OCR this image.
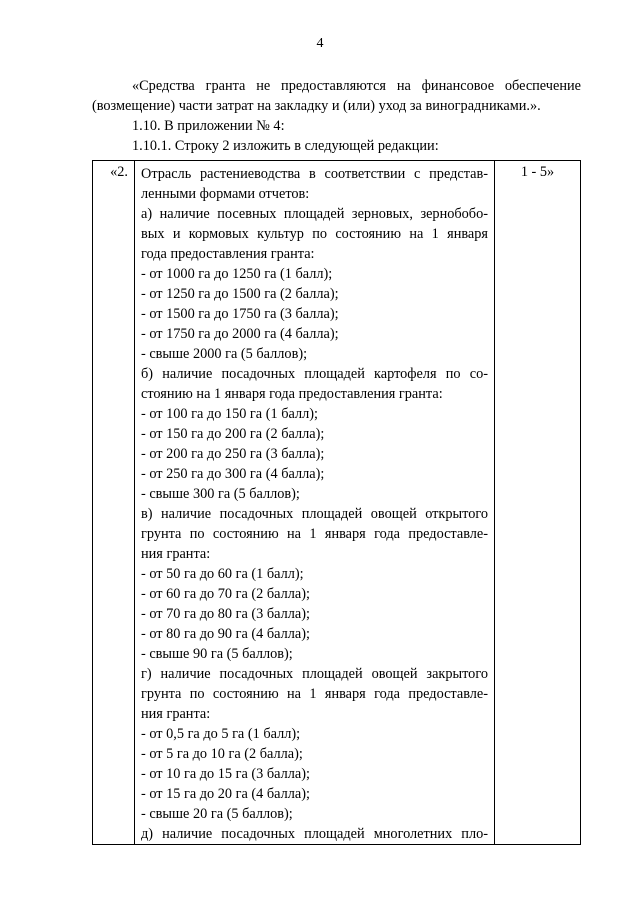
4
«Средства гранта не предоставляются на финансовое обеспечение
(возмещение) части затрат на закладку и (или) уход за виноградниками.».
1.10. В приложении № 4:
1.10.1. Строку 2 изложить в следующей редакции:
«2.	Отрасль растениеводства в соответствии с представ-
ленными формами отчетов:
а) наличие посевных площадей зерновых, зернобобо-
вых и кормовых культур по состоянию на 1 января
года предоставления гранта:
- от 1000 га до 1250 га (1 балл);
- от 1250 га до 1500 га (2 балла);
- от 1500 га до 1750 га (3 балла);
- от 1750 га до 2000 га (4 балла);
- свыше 2000 га (5 баллов);
б) наличие посадочных площадей картофеля по со-
стоянию на 1 января года предоставления гранта:
- от 100 га до 150 га (1 балл);
- от 150 га до 200 га (2 балла);
- от 200 га до 250 га (3 балла);
- от 250 га до 300 га (4 балла);
- свыше 300 га (5 баллов);
в) наличие посадочных площадей овощей открытого
грунта по состоянию на 1 января года предоставле-
ния гранта:
- от 50 га до 60 га (1 балл);
- от 60 га до 70 га (2 балла);
- от 70 га до 80 га (3 балла);
- от 80 га до 90 га (4 балла);
- свыше 90 га (5 баллов);
г) наличие посадочных площадей овощей закрытого
грунта по состоянию на 1 января года предоставле-
ния гранта:
- от 0,5 га до 5 га (1 балл);
- от 5 га до 10 га (2 балла);
- от 10 га до 15 га (3 балла);
- от 15 га до 20 га (4 балла);
- свыше 20 га (5 баллов);
д) наличие посадочных площадей многолетних пло-
	1 - 5»
